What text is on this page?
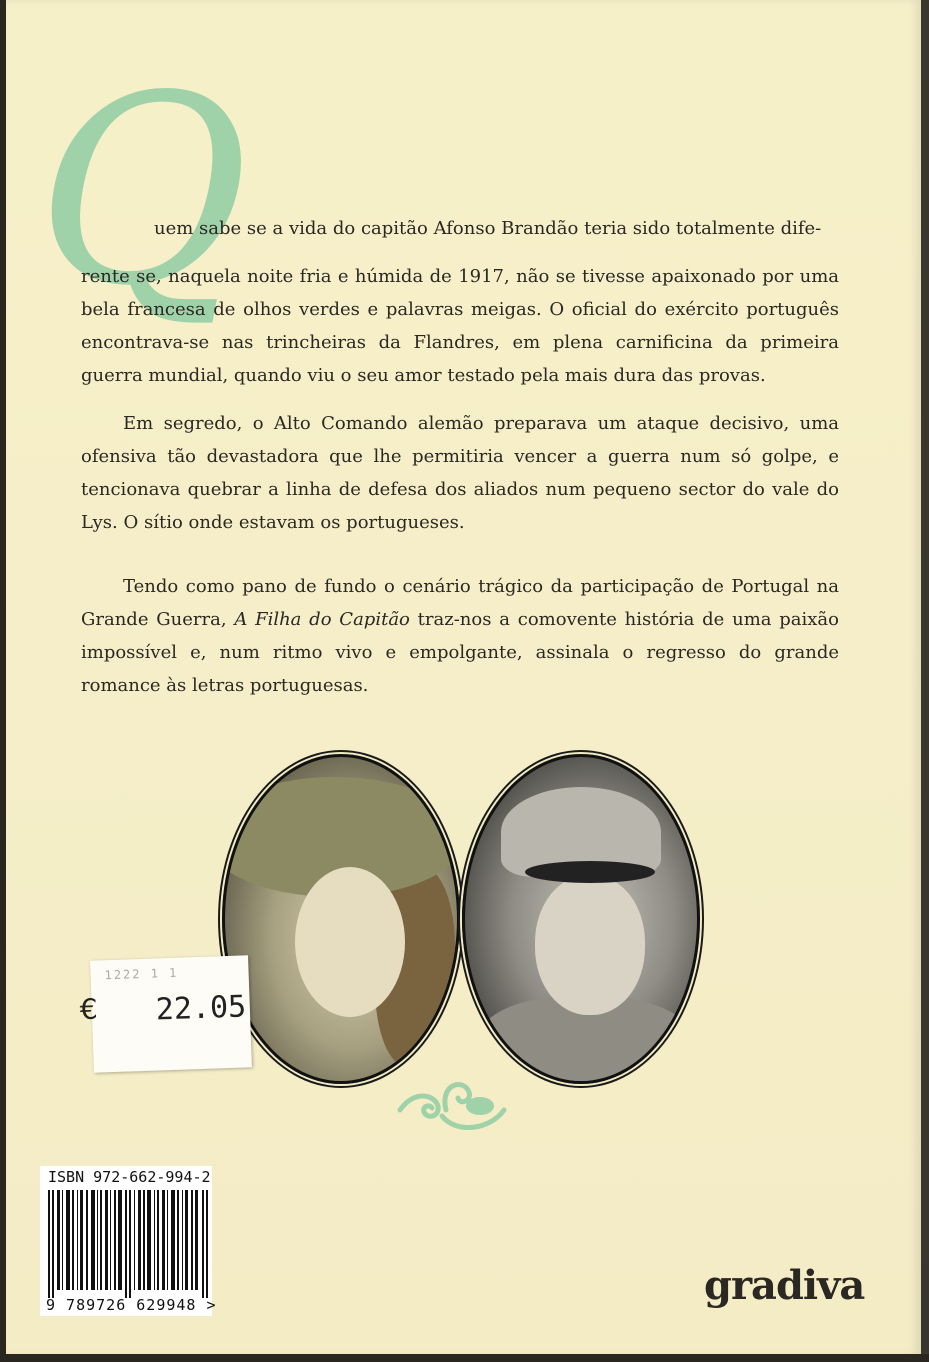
Q
uem sabe se a vida do capitão Afonso Brandão teria sido totalmente dife-
rente se, naquela noite fria e húmida de 1917, não se tivesse apaixonado por uma bela francesa de olhos verdes e palavras meigas. O oficial do exército português encontrava-se nas trincheiras da Flandres, em plena carnificina da primeira guerra mundial, quando viu o seu amor testado pela mais dura das provas.
Em segredo, o Alto Comando alemão preparava um ataque decisivo, uma ofensiva tão devastadora que lhe permitiria vencer a guerra num só golpe, e tencionava quebrar a linha de defesa dos aliados num pequeno sector do vale do Lys. O sítio onde estavam os portugueses.
Tendo como pano de fundo o cenário trágico da participação de Portugal na Grande Guerra, A Filha do Capitão traz-nos a comovente história de uma paixão impossível e, num ritmo vivo e empolgante, assinala o regresso do grande romance às letras portuguesas.
1222 1 1
€ 22.05
ISBN 972-662-994-2
9 789726 629948 >	gradiva
